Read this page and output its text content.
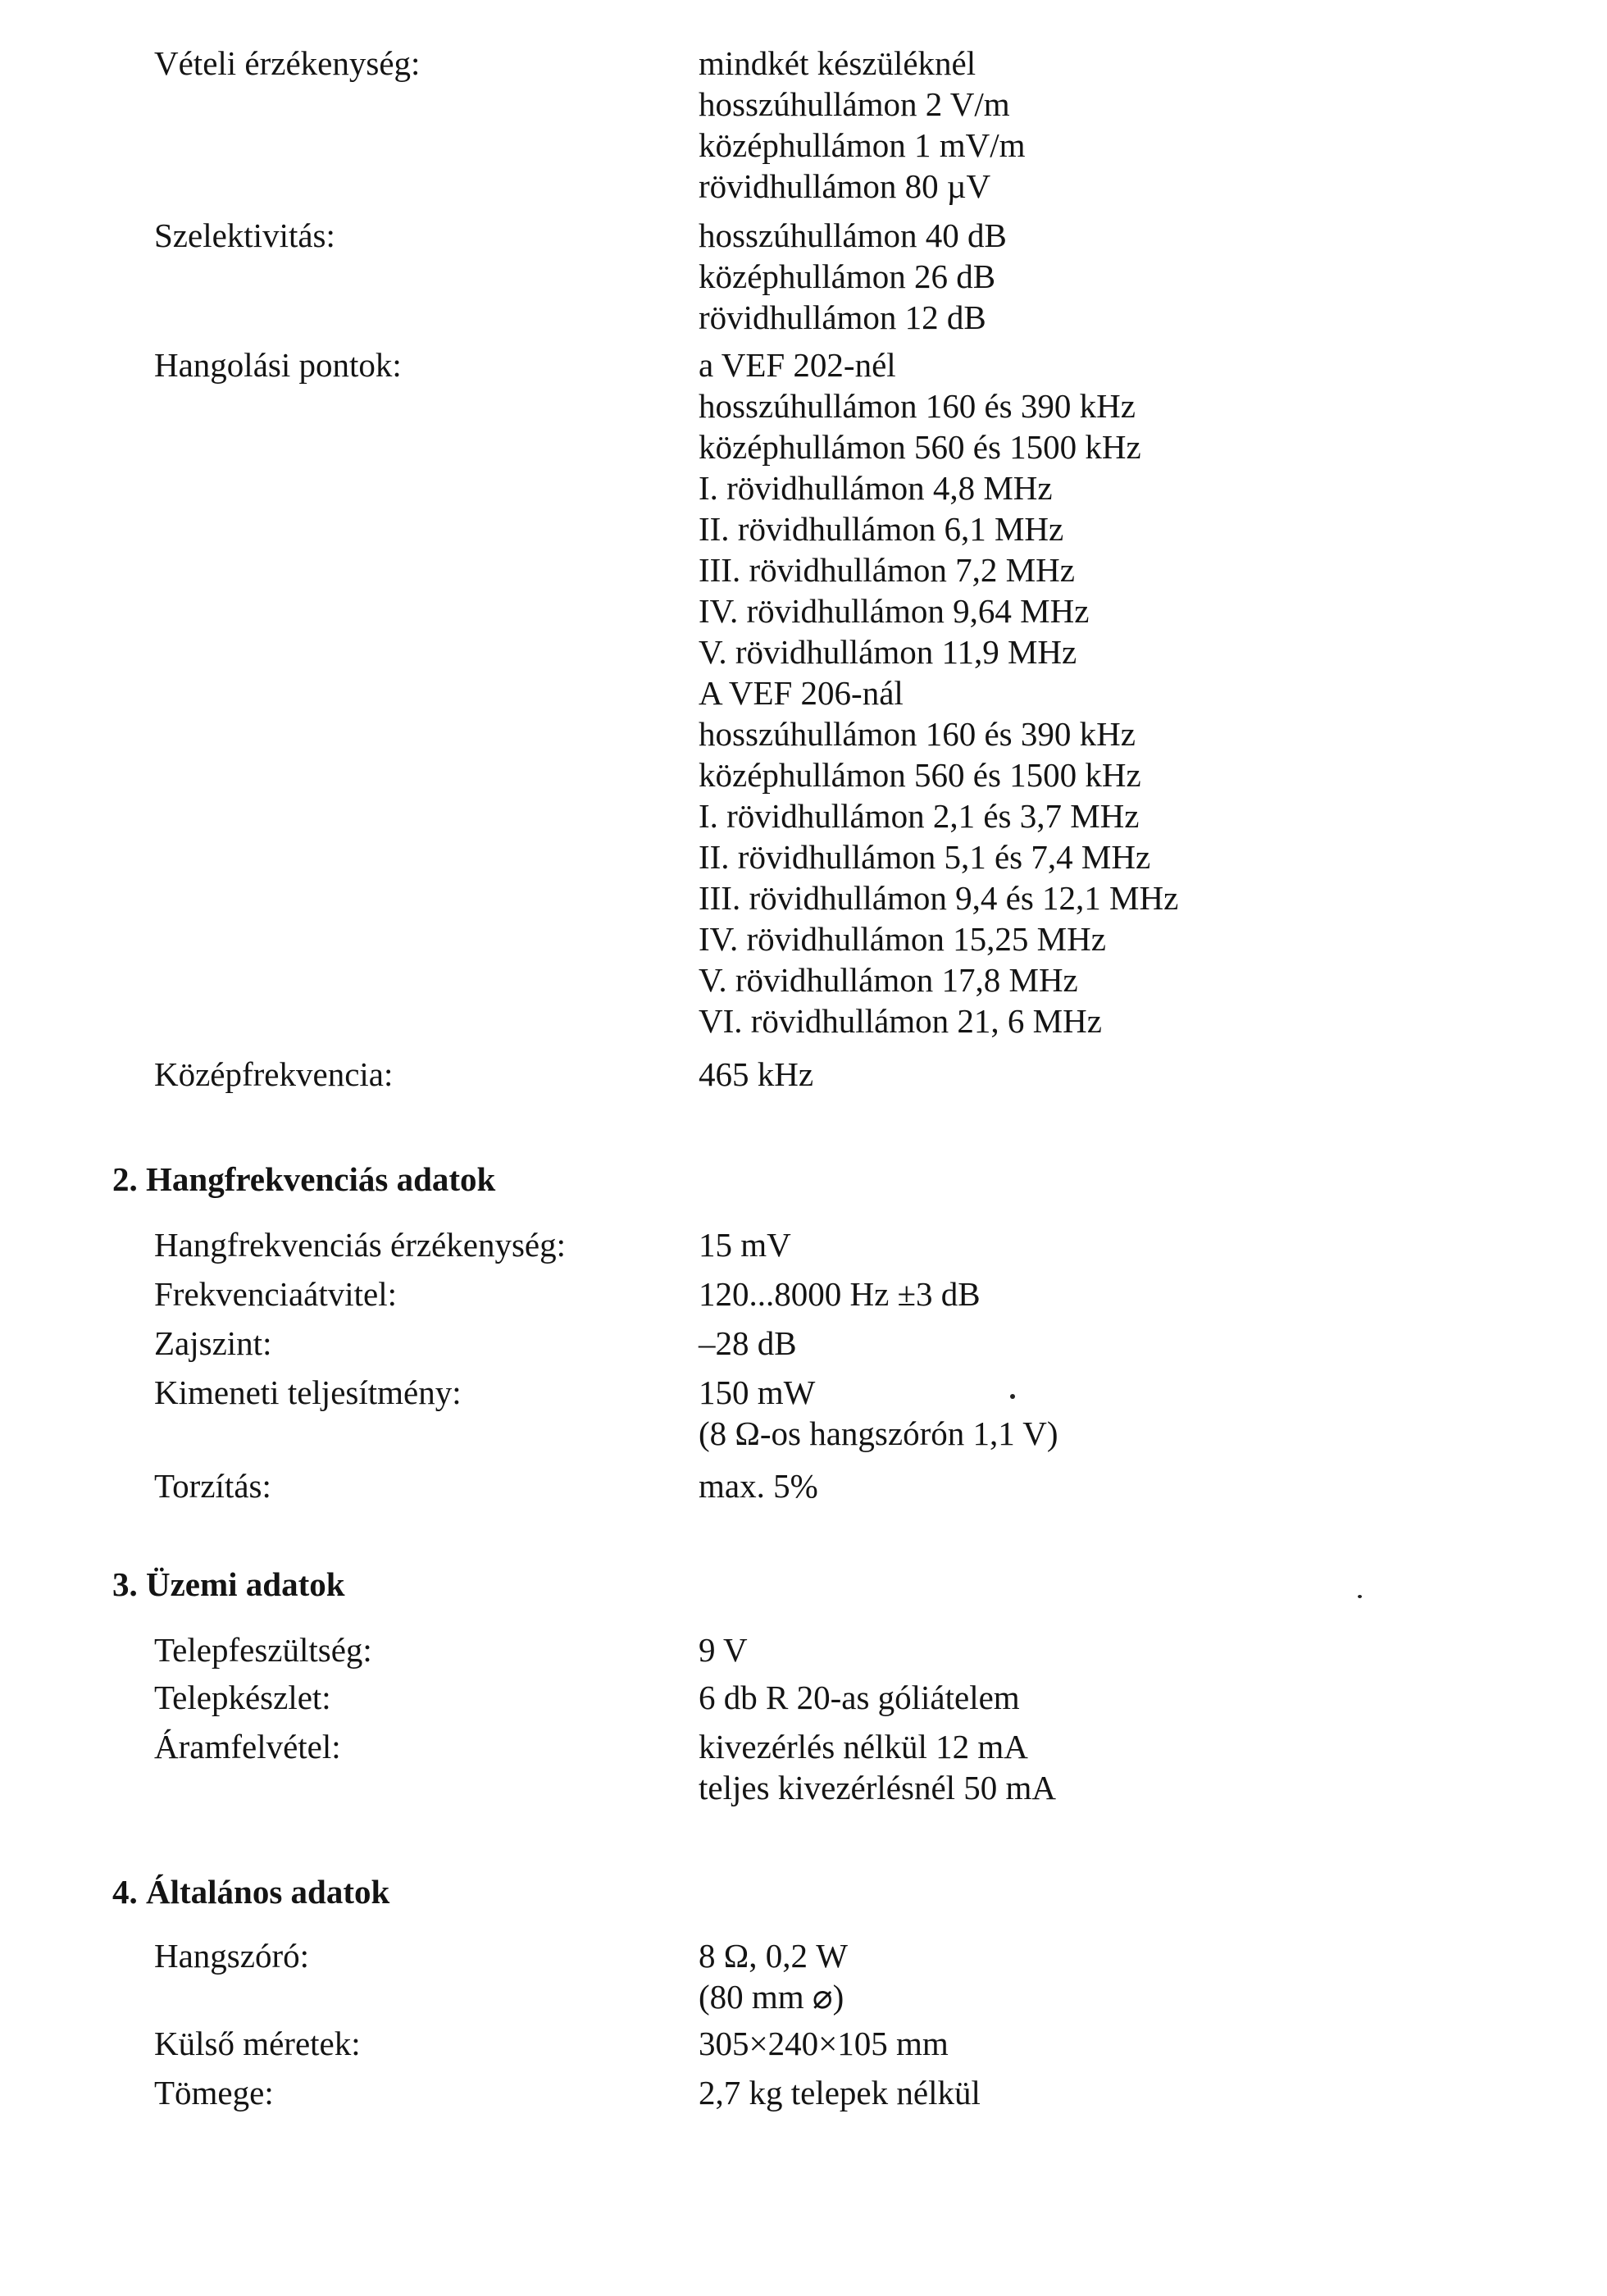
Vételi érzékenység:	mindkét készüléknél
hosszúhullámon 2 V/m
középhullámon 1 mV/m
rövidhullámon 80 µV
Szelektivitás:	hosszúhullámon 40 dB
középhullámon 26 dB
rövidhullámon 12 dB
Hangolási pontok:	a VEF 202-nél
hosszúhullámon 160 és 390 kHz
középhullámon 560 és 1500 kHz
I. rövidhullámon 4,8 MHz
II. rövidhullámon 6,1 MHz
III. rövidhullámon 7,2 MHz
IV. rövidhullámon 9,64 MHz
V. rövidhullámon 11,9 MHz
A VEF 206-nál
hosszúhullámon 160 és 390 kHz
középhullámon 560 és 1500 kHz
I. rövidhullámon 2,1 és 3,7 MHz
II. rövidhullámon 5,1 és 7,4 MHz
III. rövidhullámon 9,4 és 12,1 MHz
IV. rövidhullámon 15,25 MHz
V. rövidhullámon 17,8 MHz
VI. rövidhullámon 21, 6 MHz
Középfrekvencia:	465 kHz
2. Hangfrekvenciás adatok
Hangfrekvenciás érzékenység:	15 mV
Frekvenciaátvitel:	120...8000 Hz ±3 dB
Zajszint:	–28 dB
Kimeneti teljesítmény:	150 mW
(8 Ω-os hangszórón 1,1 V)
Torzítás:	max. 5%
3. Üzemi adatok
Telepfeszültség:	9 V
Telepkészlet:	6 db R 20-as góliátelem
Áramfelvétel:	kivezérlés nélkül 12 mA
teljes kivezérlésnél 50 mA
4. Általános adatok
Hangszóró:	8 Ω, 0,2 W
(80 mm ⌀)
Külső méretek:	305×240×105 mm
Tömege:	2,7 kg telepek nélkül
